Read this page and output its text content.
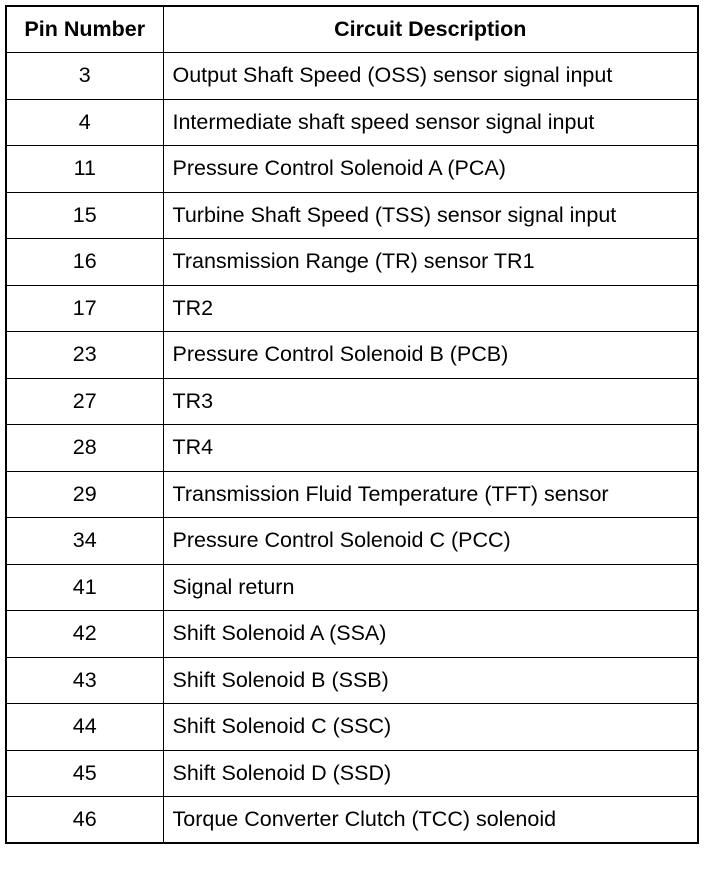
Pin Number	Circuit Description
3	Output Shaft Speed (OSS) sensor signal input
4	Intermediate shaft speed sensor signal input
11	Pressure Control Solenoid A (PCA)
15	Turbine Shaft Speed (TSS) sensor signal input
16	Transmission Range (TR) sensor TR1
17	TR2
23	Pressure Control Solenoid B (PCB)
27	TR3
28	TR4
29	Transmission Fluid Temperature (TFT) sensor
34	Pressure Control Solenoid C (PCC)
41	Signal return
42	Shift Solenoid A (SSA)
43	Shift Solenoid B (SSB)
44	Shift Solenoid C (SSC)
45	Shift Solenoid D (SSD)
46	Torque Converter Clutch (TCC) solenoid
